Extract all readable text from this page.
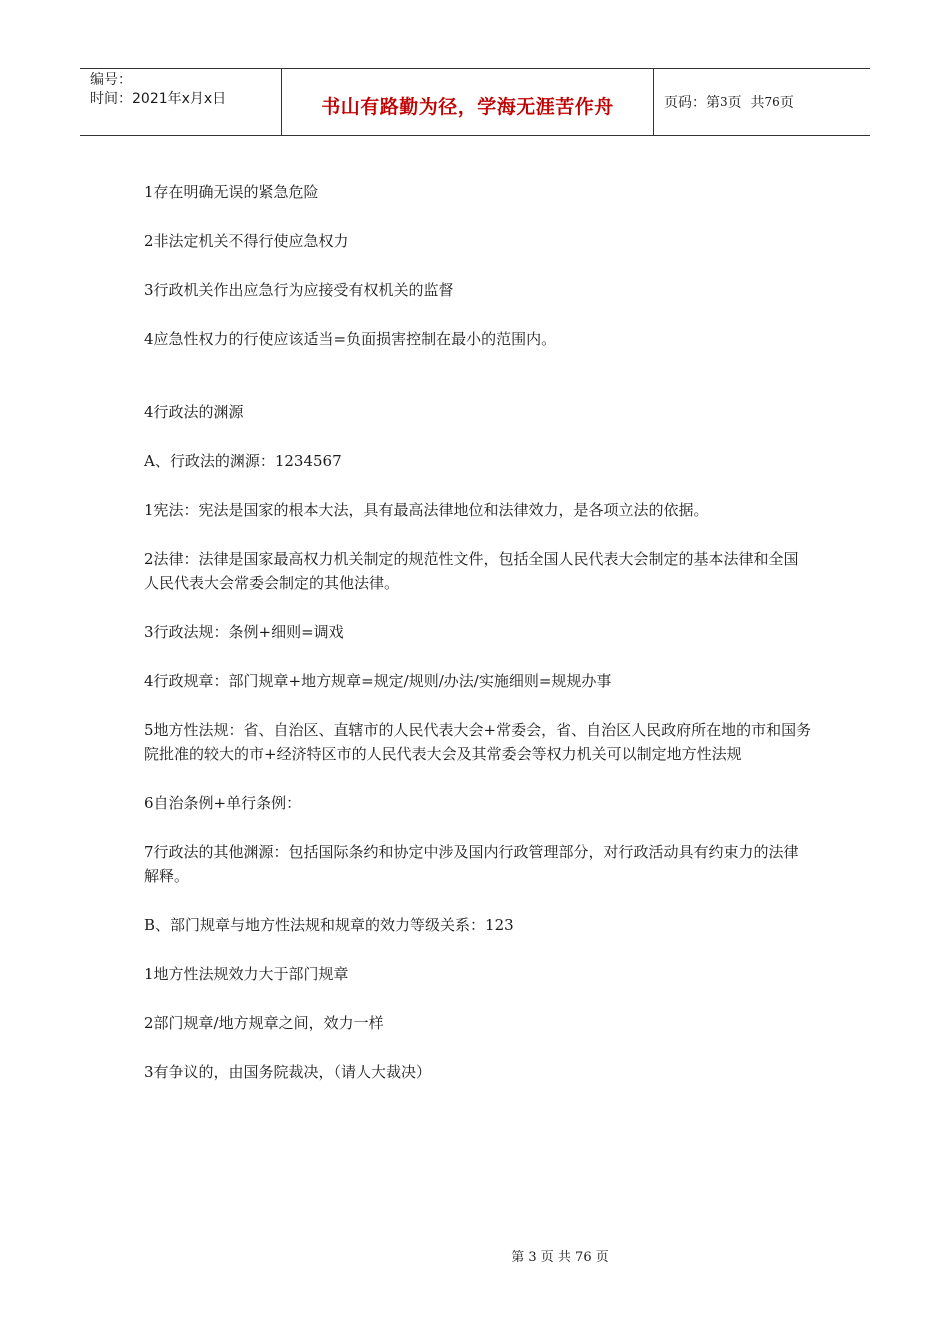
编号：
时间：2021年x月x日	书山有路勤为径，学海无涯苦作舟	页码：第 3 页  共 76 页

1存在明确无误的紧急危险

2非法定机关不得行使应急权力

3行政机关作出应急行为应接受有权机关的监督

4应急性权力的行使应该适当=负面损害控制在最小的范围内。

4行政法的渊源

A、行政法的渊源：1234567

1宪法：宪法是国家的根本大法，具有最高法律地位和法律效力，是各项立法的依据。

2法律：法律是国家最高权力机关制定的规范性文件，包括全国人民代表大会制定的基本法律和全国人民代表大会常委会制定的其他法律。

3行政法规：条例+细则=调戏

4行政规章：部门规章+地方规章=规定/规则/办法/实施细则=规规办事

5地方性法规：省、自治区、直辖市的人民代表大会+常委会，省、自治区人民政府所在地的市和国务院批准的较大的市+经济特区市的人民代表大会及其常委会等权力机关可以制定地方性法规

6自治条例+单行条例：

7行政法的其他渊源：包括国际条约和协定中涉及国内行政管理部分，对行政活动具有约束力的法律解释。

B、部门规章与地方性法规和规章的效力等级关系：123

1地方性法规效力大于部门规章

2部门规章/地方规章之间，效力一样

3有争议的，由国务院裁决，（请人大裁决）

第 3 页 共 76 页
